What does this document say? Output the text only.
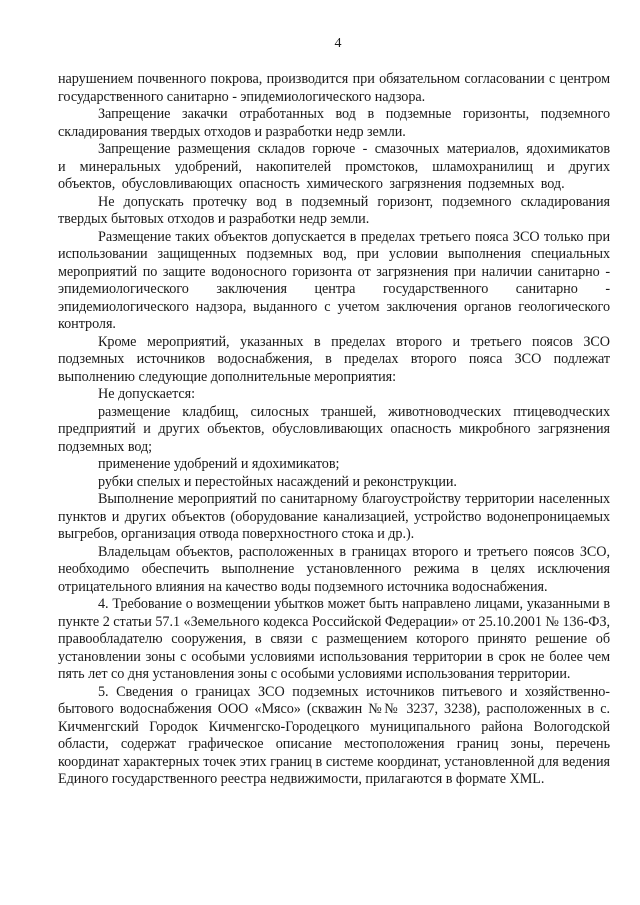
4

нарушением почвенного покрова, производится при обязательном согласовании с центром государственного санитарно - эпидемиологического надзора.

Запрещение закачки отработанных вод в подземные горизонты, подземного складирования твердых отходов и разработки недр земли.

Запрещение размещения складов горюче - смазочных материалов, ядохимикатов и минеральных удобрений, накопителей промстоков, шламохранилищ и других объектов, обусловливающих опасность химического загрязнения подземных вод.

Не допускать протечку вод в подземный горизонт, подземного складирования твердых бытовых отходов и разработки недр земли.

Размещение таких объектов допускается в пределах третьего пояса ЗСО только при использовании защищенных подземных вод, при условии выполнения специальных мероприятий по защите водоносного горизонта от загрязнения при наличии санитарно - эпидемиологического заключения центра государственного санитарно - эпидемиологического надзора, выданного с учетом заключения органов геологического контроля.

Кроме мероприятий, указанных в пределах второго и третьего поясов ЗСО подземных источников водоснабжения, в пределах второго пояса ЗСО подлежат выполнению следующие дополнительные мероприятия:

Не допускается:

размещение кладбищ, силосных траншей, животноводческих птицеводческих предприятий и других объектов, обусловливающих опасность микробного загрязнения подземных вод;

применение удобрений и ядохимикатов;

рубки спелых и перестойных насаждений и реконструкции.

Выполнение мероприятий по санитарному благоустройству территории населенных пунктов и других объектов (оборудование канализацией, устройство водонепроницаемых выгребов, организация отвода поверхностного стока и др.).

Владельцам объектов, расположенных в границах второго и третьего поясов ЗСО, необходимо обеспечить выполнение установленного режима в целях исключения отрицательного влияния на качество воды подземного источника водоснабжения.

4. Требование о возмещении убытков может быть направлено лицами, указанными в пункте 2 статьи 57.1 «Земельного кодекса Российской Федерации» от 25.10.2001 № 136-ФЗ, правообладателю сооружения, в связи с размещением которого принято решение об установлении зоны с особыми условиями использования территории в срок не более чем пять лет со дня установления зоны с особыми условиями использования территории.

5. Сведения о границах ЗСО подземных источников питьевого и хозяйственно-бытового водоснабжения ООО «Мясо» (скважин №№ 3237, 3238), расположенных в с. Кичменгский Городок Кичменгско-Городецкого муниципального района Вологодской области, содержат графическое описание местоположения границ зоны, перечень координат характерных точек этих границ в системе координат, установленной для ведения Единого государственного реестра недвижимости, прилагаются в формате XML.
